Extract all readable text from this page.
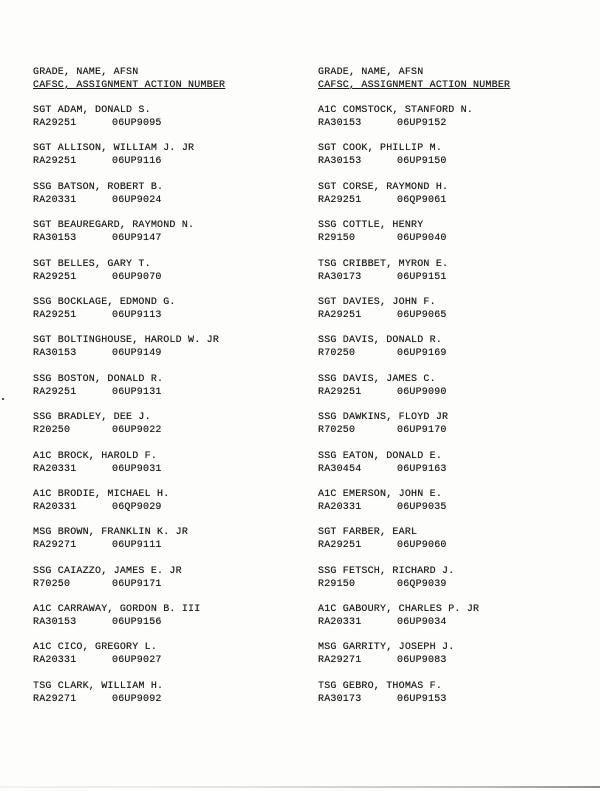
GRADE, NAME, AFSN
CAFSC, ASSIGNMENT ACTION NUMBER
SGT ADAM, DONALD S.
RA29251	06UP9095
SGT ALLISON, WILLIAM J. JR
RA29251	06UP9116
SSG BATSON, ROBERT B.
RA20331	06UP9024
SGT BEAUREGARD, RAYMOND N.
RA30153	06UP9147
SGT BELLES, GARY T.
RA29251	06UP9070
SSG BOCKLAGE, EDMOND G.
RA29251	06UP9113
SGT BOLTINGHOUSE, HAROLD W. JR
RA30153	06UP9149
SSG BOSTON, DONALD R.
RA29251	06UP9131
SSG BRADLEY, DEE J.
R20250	06UP9022
A1C BROCK, HAROLD F.
RA20331	06UP9031
A1C BRODIE, MICHAEL H.
RA20331	06QP9029
MSG BROWN, FRANKLIN K. JR
RA29271	06UP9111
SSG CAIAZZO, JAMES E. JR
R70250	06UP9171
A1C CARRAWAY, GORDON B. III
RA30153	06UP9156
A1C CICO, GREGORY L.
RA20331	06UP9027
TSG CLARK, WILLIAM H.
RA29271	06UP9092
GRADE, NAME, AFSN
CAFSC, ASSIGNMENT ACTION NUMBER
A1C COMSTOCK, STANFORD N.
RA30153	06UP9152
SGT COOK, PHILLIP M.
RA30153	06UP9150
SGT CORSE, RAYMOND H.
RA29251	06QP9061
SSG COTTLE, HENRY
R29150	06UP9040
TSG CRIBBET, MYRON E.
RA30173	06UP9151
SGT DAVIES, JOHN F.
RA29251	06UP9065
SSG DAVIS, DONALD R.
R70250	06UP9169
SSG DAVIS, JAMES C.
RA29251	06UP9090
SSG DAWKINS, FLOYD JR
R70250	06UP9170
SSG EATON, DONALD E.
RA30454	06UP9163
A1C EMERSON, JOHN E.
RA20331	06UP9035
SGT FARBER, EARL
RA29251	06UP9060
SSG FETSCH, RICHARD J.
R29150	06QP9039
A1C GABOURY, CHARLES P. JR
RA20331	06UP9034
MSG GARRITY, JOSEPH J.
RA29271	06UP9083
TSG GEBRO, THOMAS F.
RA30173	06UP9153
